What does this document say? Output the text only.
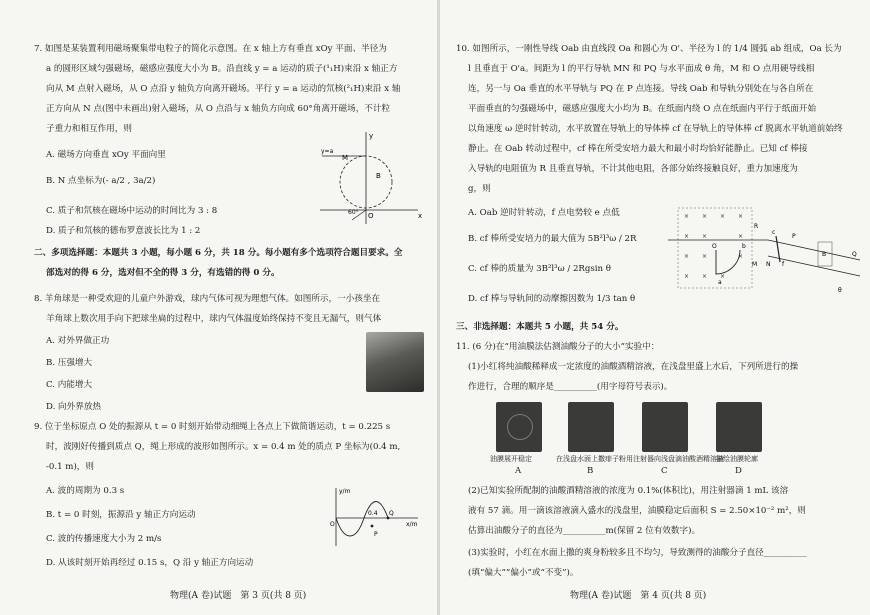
7. 如图是某装置利用磁场聚集带电粒子的简化示意图。在 x 轴上方有垂直 xOy 平面、半径为
a 的圆形区域匀强磁场，磁感应强度大小为 B。沿直线 y = a 运动的质子(¹₁H)束沿 x 轴正方
向从 M 点射入磁场，从 O 点沿 y 轴负方向离开磁场。平行 y = a 运动的氘核(²₁H)束沿 x 轴
正方向从 N 点(图中未画出)射入磁场，从 O 点沿与 x 轴负方向成 60°角离开磁场，不计粒
子重力和相互作用，则
A. 磁场方向垂直 xOy 平面向里
B. N 点坐标为(- a/2 , 3a/2)
C. 质子和氘核在磁场中运动的时间比为 3 : 8
D. 质子和氘核的德布罗意波长比为 1 : 2
y
x
y=a
M
O
60°
B
二、多项选择题：本题共 3 小题，每小题 6 分，共 18 分。每小题有多个选项符合题目要求。全
部选对的得 6 分，选对但不全的得 3 分，有选错的得 0 分。
8. 羊角球是一种受欢迎的儿童户外游戏，球内气体可视为理想气体。如图所示，一小孩坐在
羊角球上数次用手向下把球坐扁的过程中，球内气体温度始终保持不变且无漏气，则气体
A. 对外界做正功
B. 压强增大
C. 内能增大
D. 向外界放热
9. 位于坐标原点 O 处的振源从 t = 0 时刻开始带动细绳上各点上下做简谐运动，t = 0.225 s
时，波刚好传播到质点 Q，绳上形成的波形如图所示。x = 0.4 m 处的质点 P 坐标为(0.4 m,
-0.1 m)，则
A. 波的周期为 0.3 s
B. t = 0 时刻，振源沿 y 轴正方向运动
C. 波的传播速度大小为 2 m/s
D. 从该时刻开始再经过 0.15 s，Q 沿 y 轴正方向运动
y/m
x/m
O
0.4
P
Q
物理(A 卷)试题　第 3 页(共 8 页)
10. 如图所示，一刚性导线 Oab 由直线段 Oa 和圆心为 O'、半径为 l 的 1/4 圆弧 ab 组成，Oa 长为
l 且垂直于 O'a。间距为 l 的平行导轨 MN 和 PQ 与水平面成 θ 角，M 和 O 点用硬导线相
连，另一与 Oa 垂直的水平导轨与 PQ 在 P 点连接。导线 Oab 和导轨分别处在与各自所在
平面垂直的匀强磁场中，磁感应强度大小均为 B。在纸面内绕 O 点在纸面内平行于纸面开始
以角速度 ω 逆时针转动，水平放置在导轨上的导体棒 cf 在导轨上的导体棒 cf 脱离水平轨道前始终
静止。在 Oab 转动过程中，cf 棒在所受安培力最大和最小时均恰好能静止。已知 cf 棒接
入导轨的电阻值为 R 且垂直导轨，不计其他电阻，各部分始终接触良好，重力加速度为
g，则
A. Oab 逆时针转动，f 点电势较 e 点低
B. cf 棒所受安培力的最大值为 5B²l³ω / 2R
C. cf 棒的质量为 3B²l³ω / 2Rgsin θ
D. cf 棒与导轨间的动摩擦因数为 1/3 tan θ
× × × ×
× ×	×
× ×	×
× × ×
O
a
b
N
M
c
f
P
Q
B
θ
R
三、非选择题：本题共 5 小题，共 54 分。
11. (6 分)在“用油膜法估测油酸分子的大小”实验中：
(1)小红将纯油酸稀释成一定浓度的油酸酒精溶液，在浅盘里盛上水后，下列所进行的操
作进行，合理的顺序是__________(用字母符号表示)。
油膜展开稳定	在浅盘水面上撒痱子粉 用注射器向浅盘滴油酸酒精溶液
描绘油膜轮廓
A	B	C	D
(2)已知实验所配制的油酸酒精溶液的浓度为 0.1%(体积比)，用注射器滴 1 mL 该溶
液有 57 滴。用一滴该溶液滴入盛水的浅盘里，油膜稳定后面积 S = 2.50×10⁻² m²，则
估算出油酸分子的直径为__________m(保留 2 位有效数字)。
(3)实验时，小红在水面上撒的爽身粉较多且不均匀，导致测得的油酸分子直径__________
(填“偏大”“偏小”或“不变”)。
物理(A 卷)试题　第 4 页(共 8 页)
